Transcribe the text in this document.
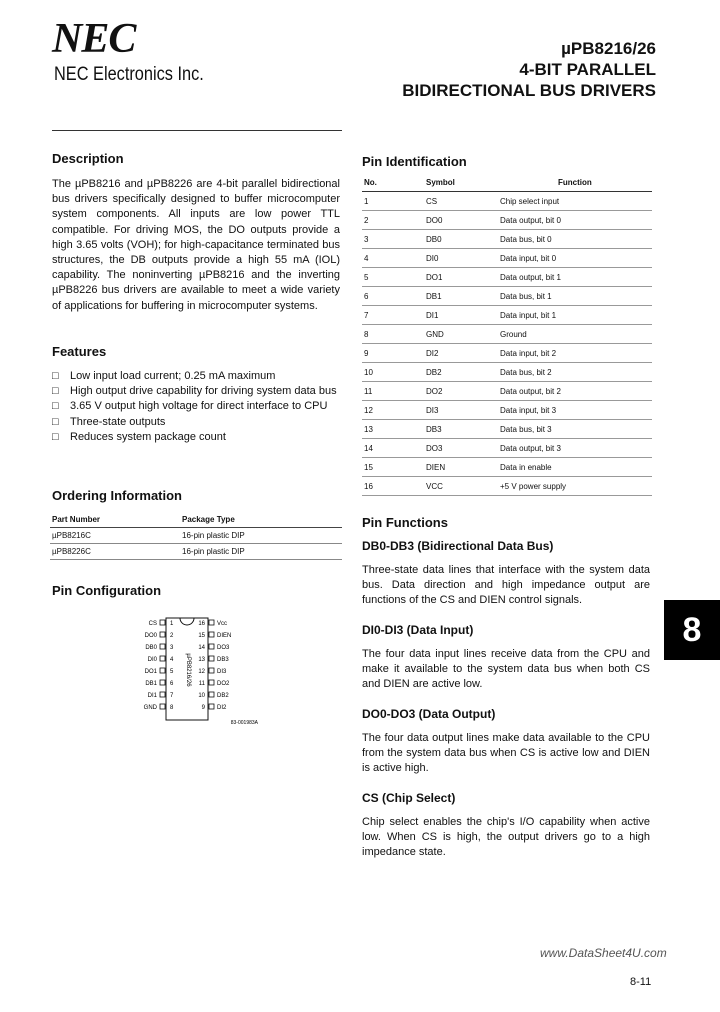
NEC
NEC Electronics Inc.
µPB8216/26
4-BIT PARALLEL
BIDIRECTIONAL BUS DRIVERS
Description

The µPB8216 and µPB8226 are 4-bit parallel bidirectional bus drivers specifically designed to buffer microcomputer system components. All inputs are low power TTL compatible. For driving MOS, the DO outputs provide a high 3.65 volts (VOH); for high-capacitance terminated bus structures, the DB outputs provide a high 55 mA (IOL) capability. The noninverting µPB8216 and the inverting µPB8226 bus drivers are available to meet a wide variety of applications for buffering in microcomputer systems.

Features
□ Low input load current; 0.25 mA maximum
□ High output drive capability for driving system data bus
□ 3.65 V output high voltage for direct interface to CPU
□ Three-state outputs
□ Reduces system package count
Ordering Information
Part Number	Package Type
µPB8216C	16-pin plastic DIP
µPB8226C	16-pin plastic DIP
Pin Configuration
µPB8216/26
CS 1
DO0 2
DB0 3
DI0 4
DO1 5
DB1 6
DI1 7
GND 8
Vcc
16
DIEN
15
DO3
14
DB3
13
DI3
12
DO2
11
DB2
10
DI2
9
83-001983A
Pin Identification
No.	Symbol	Function
1	CS	Chip select input
2	DO0	Data output, bit 0
3	DB0	Data bus, bit 0
4	DI0	Data input, bit 0
5	DO1	Data output, bit 1
6	DB1	Data bus, bit 1
7	DI1	Data input, bit 1
8	GND	Ground
9	DI2	Data input, bit 2
10	DB2	Data bus, bit 2
11	DO2	Data output, bit 2
12	DI3	Data input, bit 3
13	DB3	Data bus, bit 3
14	DO3	Data output, bit 3
15	DIEN	Data in enable
16	VCC	+5 V power supply
Pin Functions
DB0-DB3 (Bidirectional Data Bus)

Three-state data lines that interface with the system data bus. Data direction and high impedance output are functions of the CS and DIEN control signals.

DI0-DI3 (Data Input)

The four data input lines receive data from the CPU and make it available to the system data bus when both CS and DIEN are active low.

DO0-DO3 (Data Output)

The four data output lines make data available to the CPU from the system data bus when CS is active low and DIEN is active high.

CS (Chip Select)

Chip select enables the chip's I/O capability when active low. When CS is high, the output drivers go to a high impedance state.

8
www.DataSheet4U.com
8-11
